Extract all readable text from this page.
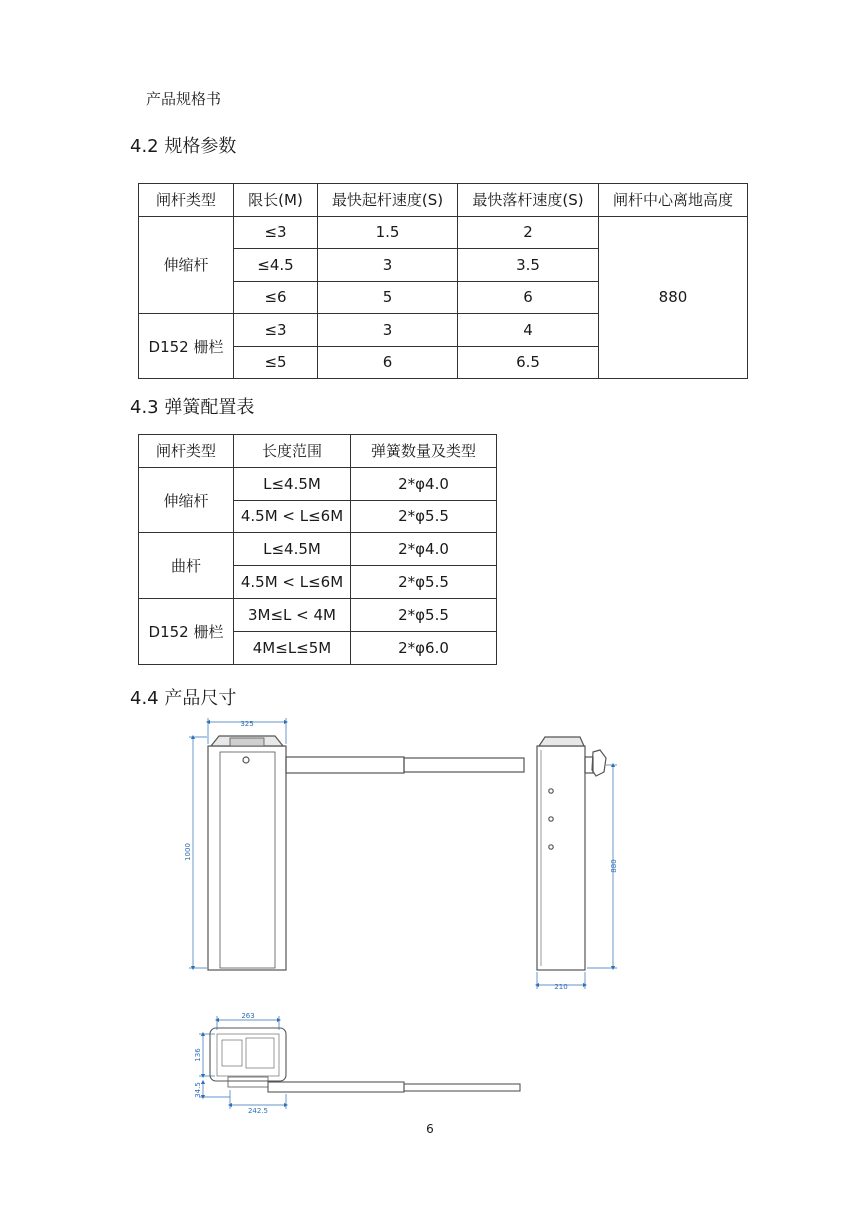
产品规格书
4.2 规格参数
闸杆类型	限长(M)	最快起杆速度(S)	最快落杆速度(S)	闸杆中心离地高度
伸缩杆	≤3	1.5	2	880
	≤4.5	3	3.5	
	≤6	5	6	
D152 栅栏	≤3	3	4	
	≤5	6	6.5	
4.3 弹簧配置表
闸杆类型	长度范围	弹簧数量及类型
伸缩杆	L≤4.5M	2*φ4.0
	4.5M < L≤6M	2*φ5.5
曲杆	L≤4.5M	2*φ4.0
	4.5M < L≤6M	2*φ5.5
D152 栅栏	3M≤L < 4M	2*φ5.5
	4M≤L≤5M	2*φ6.0
4.4 产品尺寸
325
1000
210
880
263
136
34.5
242.5
6
